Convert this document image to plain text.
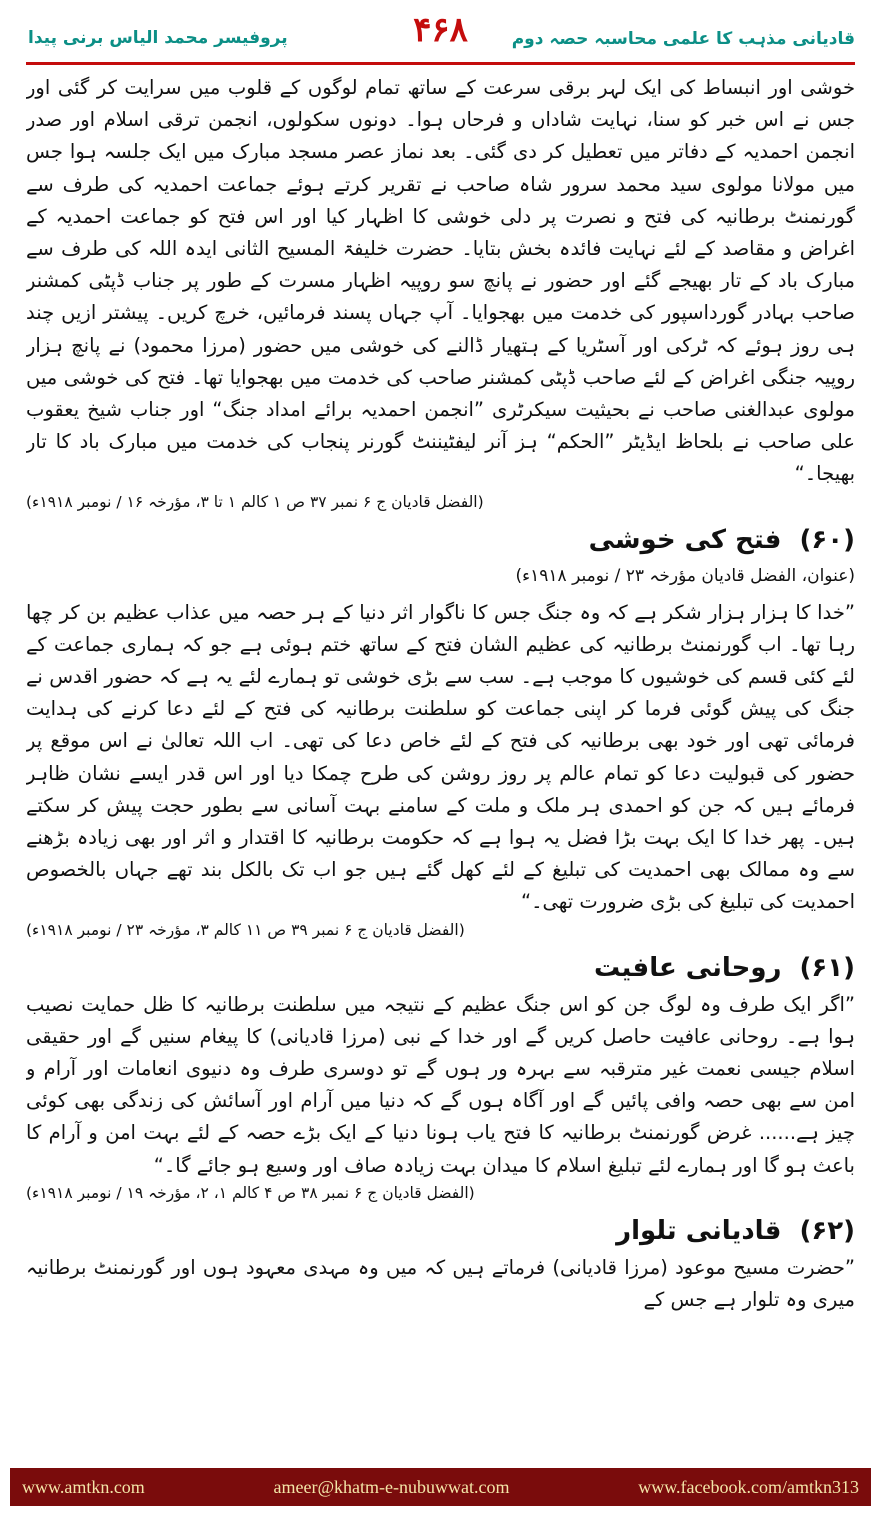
قادیانی مذہب کا علمی محاسبہ حصہ دوم
۴۶۸
پروفیسر محمد الیاس برنی پیدا

خوشی اور انبساط کی ایک لہر برقی سرعت کے ساتھ تمام لوگوں کے قلوب میں سرایت کر گئی اور جس نے اس خبر کو سنا، نہایت شاداں و فرحاں ہوا۔ دونوں سکولوں، انجمن ترقی اسلام اور صدر انجمن احمدیہ کے دفاتر میں تعطیل کر دی گئی۔ بعد نماز عصر مسجد مبارک میں ایک جلسہ ہوا جس میں مولانا مولوی سید محمد سرور شاہ صاحب نے تقریر کرتے ہوئے جماعت احمدیہ کی طرف سے گورنمنٹ برطانیہ کی فتح و نصرت پر دلی خوشی کا اظہار کیا اور اس فتح کو جماعت احمدیہ کے اغراض و مقاصد کے لئے نہایت فائدہ بخش بتایا۔ حضرت خلیفۃ المسیح الثانی ایدہ اللہ کی طرف سے مبارک باد کے تار بھیجے گئے اور حضور نے پانچ سو روپیہ اظہار مسرت کے طور پر جناب ڈپٹی کمشنر صاحب بہادر گورداسپور کی خدمت میں بھجوایا۔ آپ جہاں پسند فرمائیں، خرچ کریں۔ پیشتر ازیں چند ہی روز ہوئے کہ ٹرکی اور آسٹریا کے ہتھیار ڈالنے کی خوشی میں حضور (مرزا محمود) نے پانچ ہزار روپیہ جنگی اغراض کے لئے صاحب ڈپٹی کمشنر صاحب کی خدمت میں بھجوایا تھا۔ فتح کی خوشی میں مولوی عبدالغنی صاحب نے بحیثیت سیکرٹری ”انجمن احمدیہ برائے امداد جنگ“ اور جناب شیخ یعقوب علی صاحب نے بلحاظ ایڈیٹر ”الحکم“ ہز آنر لیفٹیننٹ گورنر پنجاب کی خدمت میں مبارک باد کا تار بھیجا۔“
(الفضل قادیان ج ۶ نمبر ۳۷ ص ۱ کالم ۱ تا ۳، مؤرخہ ۱۶ / نومبر ۱۹۱۸ء)

(۶۰)
فتح کی خوشی
(عنوان، الفضل قادیان مؤرخہ ۲۳ / نومبر ۱۹۱۸ء)

”خدا کا ہزار ہزار شکر ہے کہ وہ جنگ جس کا ناگوار اثر دنیا کے ہر حصہ میں عذاب عظیم بن کر چھا رہا تھا۔ اب گورنمنٹ برطانیہ کی عظیم الشان فتح کے ساتھ ختم ہوئی ہے جو کہ ہماری جماعت کے لئے کئی قسم کی خوشیوں کا موجب ہے۔ سب سے بڑی خوشی تو ہمارے لئے یہ ہے کہ حضور اقدس نے جنگ کی پیش گوئی فرما کر اپنی جماعت کو سلطنت برطانیہ کی فتح کے لئے دعا کرنے کی ہدایت فرمائی تھی اور خود بھی برطانیہ کی فتح کے لئے خاص دعا کی تھی۔ اب اللہ تعالیٰ نے اس موقع پر حضور کی قبولیت دعا کو تمام عالم پر روز روشن کی طرح چمکا دیا اور اس قدر ایسے نشان ظاہر فرمائے ہیں کہ جن کو احمدی ہر ملک و ملت کے سامنے بہت آسانی سے بطور حجت پیش کر سکتے ہیں۔ پھر خدا کا ایک بہت بڑا فضل یہ ہوا ہے کہ حکومت برطانیہ کا اقتدار و اثر اور بھی زیادہ بڑھنے سے وہ ممالک بھی احمدیت کی تبلیغ کے لئے کھل گئے ہیں جو اب تک بالکل بند تھے جہاں بالخصوص احمدیت کی تبلیغ کی بڑی ضرورت تھی۔“
(الفضل قادیان ج ۶ نمبر ۳۹ ص ۱۱ کالم ۳، مؤرخہ ۲۳ / نومبر ۱۹۱۸ء)

(۶۱)
روحانی عافیت

”اگر ایک طرف وہ لوگ جن کو اس جنگ عظیم کے نتیجہ میں سلطنت برطانیہ کا ظل حمایت نصیب ہوا ہے۔ روحانی عافیت حاصل کریں گے اور خدا کے نبی (مرزا قادیانی) کا پیغام سنیں گے اور حقیقی اسلام جیسی نعمت غیر مترقبہ سے بہرہ ور ہوں گے تو دوسری طرف وہ دنیوی انعامات اور آرام و امن سے بھی حصہ وافی پائیں گے اور آگاہ ہوں گے کہ دنیا میں آرام اور آسائش کی زندگی بھی کوئی چیز ہے...... غرض گورنمنٹ برطانیہ کا فتح یاب ہونا دنیا کے ایک بڑے حصہ کے لئے بہت امن و آرام کا باعث ہو گا اور ہمارے لئے تبلیغ اسلام کا میدان بہت زیادہ صاف اور وسیع ہو جائے گا۔“
(الفضل قادیان ج ۶ نمبر ۳۸ ص ۴ کالم ۱، ۲، مؤرخہ ۱۹ / نومبر ۱۹۱۸ء)

(۶۲)
قادیانی تلوار

”حضرت مسیح موعود (مرزا قادیانی) فرماتے ہیں کہ میں وہ مہدی معہود ہوں اور گورنمنٹ برطانیہ میری وہ تلوار ہے جس کے

www.amtkn.com	ameer@khatm-e-nubuwwat.com	www.facebook.com/amtkn313
